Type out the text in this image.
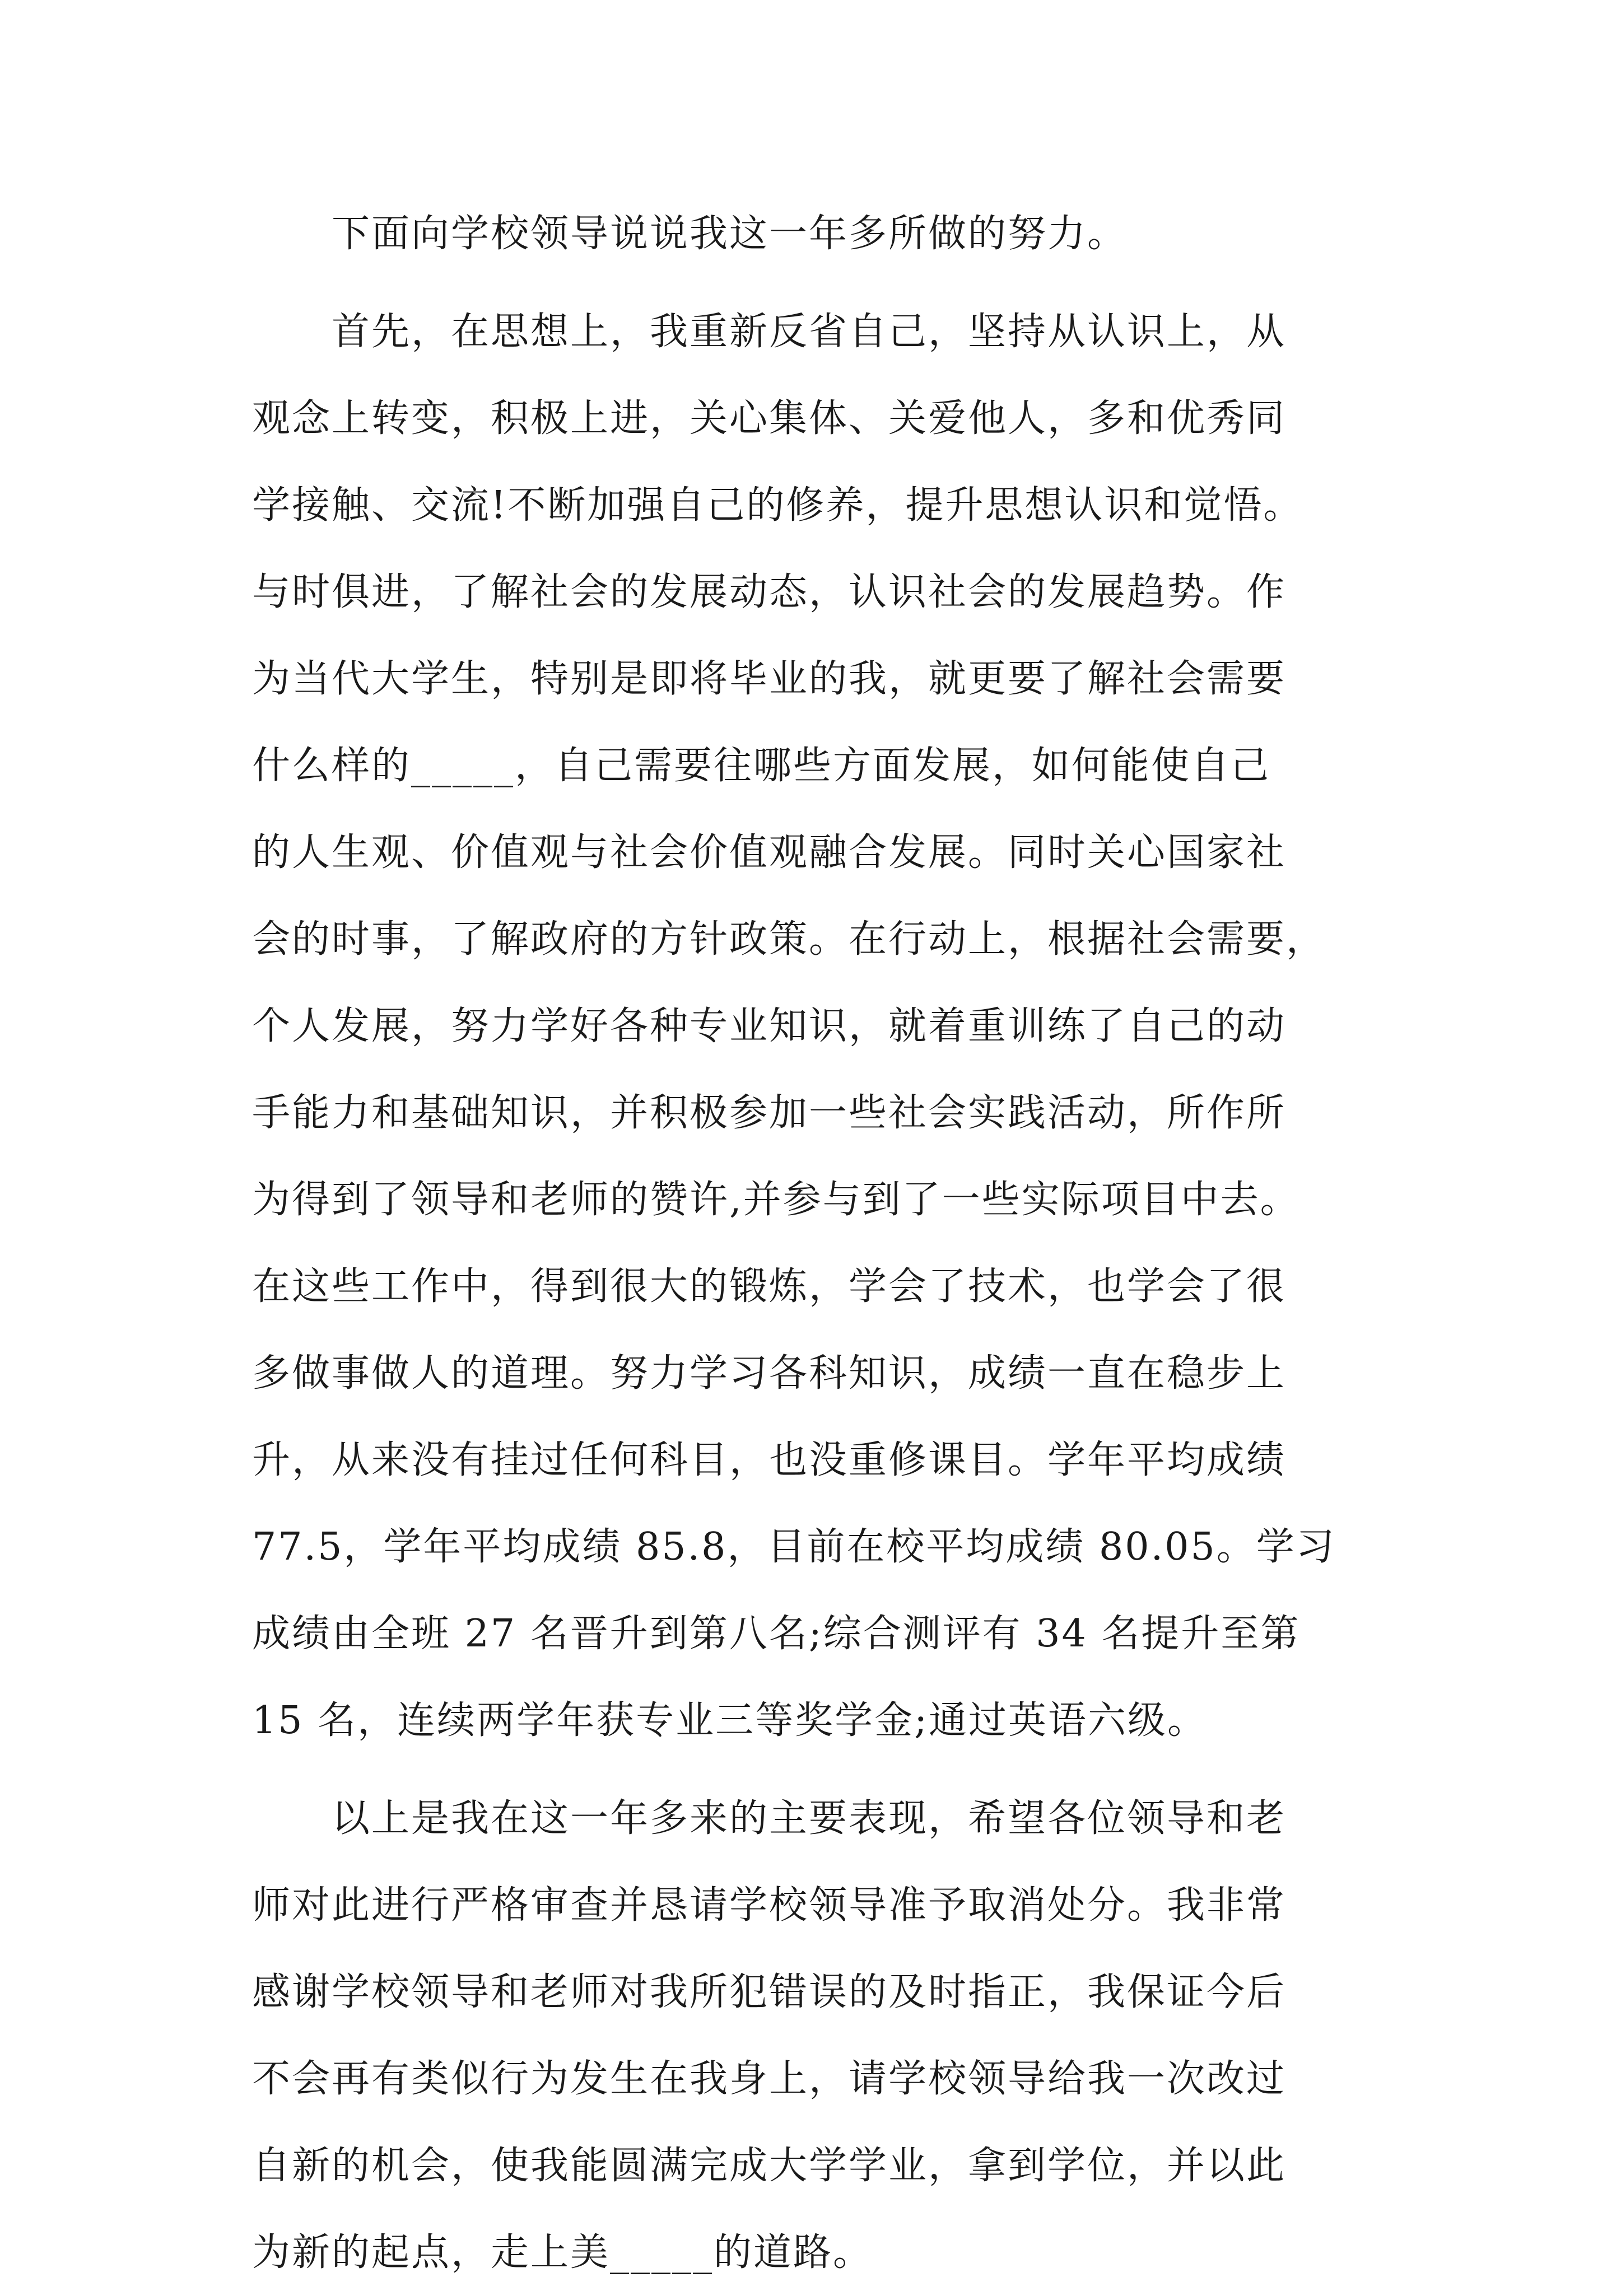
　　下面向学校领导说说我这一年多所做的努力。
　　首先，在思想上，我重新反省自己，坚持从认识上，从
观念上转变，积极上进，关心集体、关爱他人，多和优秀同
学接触、交流!不断加强自己的修养，提升思想认识和觉悟。
与时俱进，了解社会的发展动态，认识社会的发展趋势。作
为当代大学生，特别是即将毕业的我，就更要了解社会需要
什么样的_____，自己需要往哪些方面发展，如何能使自己
的人生观、价值观与社会价值观融合发展。同时关心国家社
会的时事，了解政府的方针政策。在行动上，根据社会需要，
个人发展，努力学好各种专业知识，就着重训练了自己的动
手能力和基础知识，并积极参加一些社会实践活动，所作所
为得到了领导和老师的赞许,并参与到了一些实际项目中去。
在这些工作中，得到很大的锻炼，学会了技术，也学会了很
多做事做人的道理。努力学习各科知识，成绩一直在稳步上
升，从来没有挂过任何科目，也没重修课目。学年平均成绩
77.5，学年平均成绩 85.8，目前在校平均成绩 80.05。学习
成绩由全班 27 名晋升到第八名;综合测评有 34 名提升至第
15 名，连续两学年获专业三等奖学金;通过英语六级。
　　以上是我在这一年多来的主要表现，希望各位领导和老
师对此进行严格审查并恳请学校领导准予取消处分。我非常
感谢学校领导和老师对我所犯错误的及时指正，我保证今后
不会再有类似行为发生在我身上，请学校领导给我一次改过
自新的机会，使我能圆满完成大学学业，拿到学位，并以此
为新的起点，走上美_____的道路。
